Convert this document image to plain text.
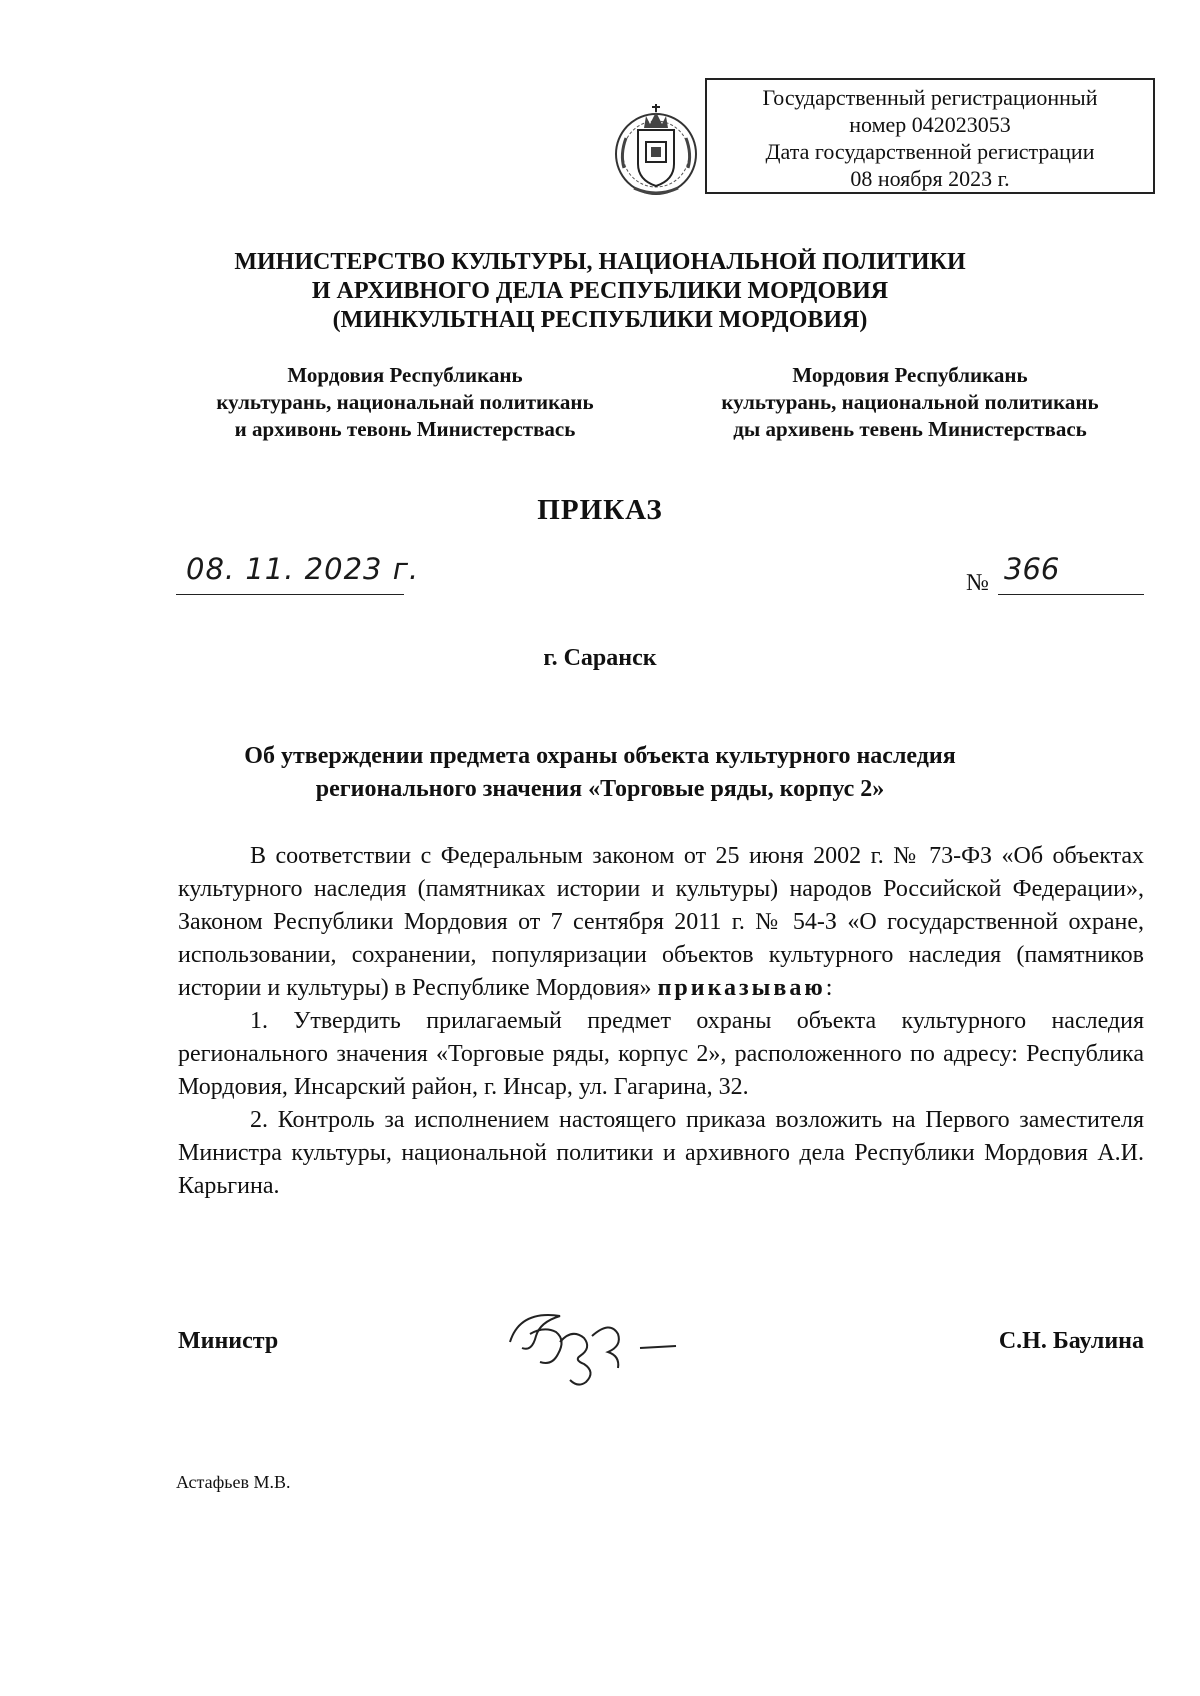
Государственный регистрационный
номер 042023053
Дата государственной регистрации
08 ноября 2023 г.
МИНИСТЕРСТВО КУЛЬТУРЫ, НАЦИОНАЛЬНОЙ ПОЛИТИКИ
И АРХИВНОГО ДЕЛА РЕСПУБЛИКИ МОРДОВИЯ
(МИНКУЛЬТНАЦ РЕСПУБЛИКИ МОРДОВИЯ)
Мордовия Республикань
культурань, национальнай политикань
и архивонь тевонь Министерствась
Мордовия Республикань
культурань, национальной политикань
ды архивень тевень Министерствась
ПРИКАЗ
08. 11. 2023 г.	№ 366
г. Саранск
Об утверждении предмета охраны объекта культурного наследия
регионального значения «Торговые ряды, корпус 2»

В соответствии с Федеральным законом от 25 июня 2002 г. № 73-ФЗ «Об объектах культурного наследия (памятниках истории и культуры) народов Российской Федерации», Законом Республики Мордовия от 7 сентября 2011 г. № 54-З «О государственной охране, использовании, сохранении, популяризации объектов культурного наследия (памятников истории и культуры) в Республике Мордовия» приказываю:

1. Утвердить прилагаемый предмет охраны объекта культурного наследия регионального значения «Торговые ряды, корпус 2», расположенного по адресу: Республика Мордовия, Инсарский район, г. Инсар, ул. Гагарина, 32.

2. Контроль за исполнением настоящего приказа возложить на Первого заместителя Министра культуры, национальной политики и архивного дела Республики Мордовия А.И. Карьгина.

Министр	С.Н. Баулина
Астафьев М.В.
